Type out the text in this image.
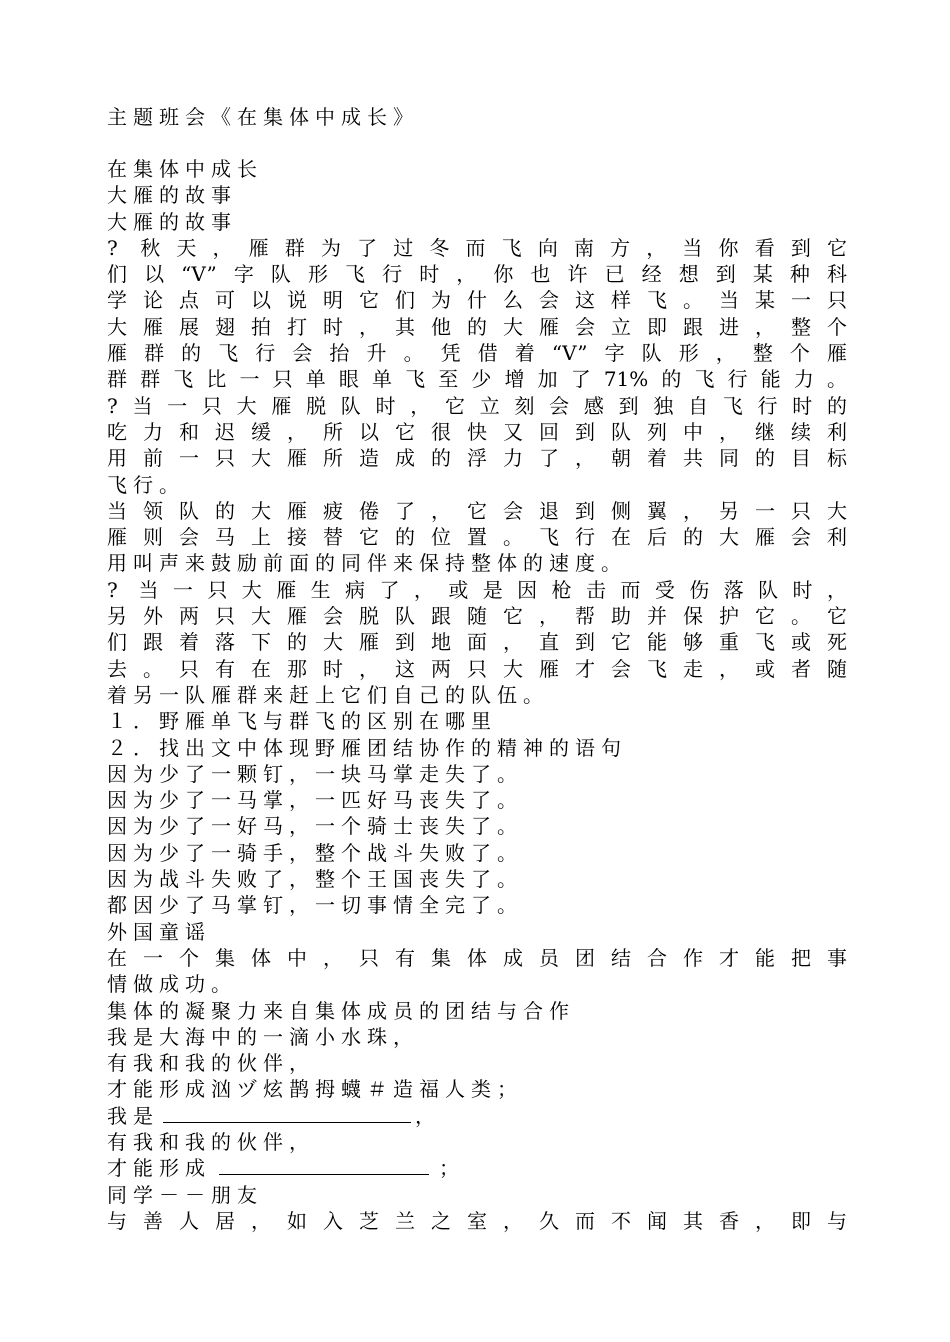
主题班会《在集体中成长》
在集体中成长
大雁的故事
大雁的故事
? 秋天，雁群为了过冬而飞向南方，当你看到它
们以“V”字队形飞行时，你也许已经想到某种科
学论点可以说明它们为什么会这样飞。当某一只
大雁展翅拍打时，其他的大雁会立即跟进，整个
雁群的飞行会抬升。凭借着“V”字队形，整个雁
群群飞比一只单眼单飞至少增加了71%的飞行能力。
?当一只大雁脱队时，它立刻会感到独自飞行时的
吃力和迟缓，所以它很快又回到队列中，继续利
用前一只大雁所造成的浮力了，朝着共同的目标
飞行。
当领队的大雁疲倦了，它会退到侧翼，另一只大
雁则会马上接替它的位置。飞行在后的大雁会利
用叫声来鼓励前面的同伴来保持整体的速度。
? 当一只大雁生病了，或是因枪击而受伤落队时，
另外两只大雁会脱队跟随它，帮助并保护它。它
们跟着落下的大雁到地面，直到它能够重飞或死
去。只有在那时，这两只大雁才会飞走，或者随
着另一队雁群来赶上它们自己的队伍。
１．野雁单飞与群飞的区别在哪里
２．找出文中体现野雁团结协作的精神的语句
因为少了一颗钉，一块马掌走失了。
因为少了一马掌，一匹好马丧失了。
因为少了一好马，一个骑士丧失了。
因为少了一骑手，整个战斗失败了。
因为战斗失败了，整个王国丧失了。
都因少了马掌钉，一切事情全完了。
外国童谣
在一个集体中，只有集体成员团结合作才能把事
情做成功。
集体的凝聚力来自集体成员的团结与合作
我是大海中的一滴小水珠，
有我和我的伙伴，
才能形成汹ヅ炫鹊拇蠛＃造福人类；
我是	，
有我和我的伙伴，
才能形成	；
同学－－朋友
与善人居，如入芝兰之室，久而不闻其香，即与
